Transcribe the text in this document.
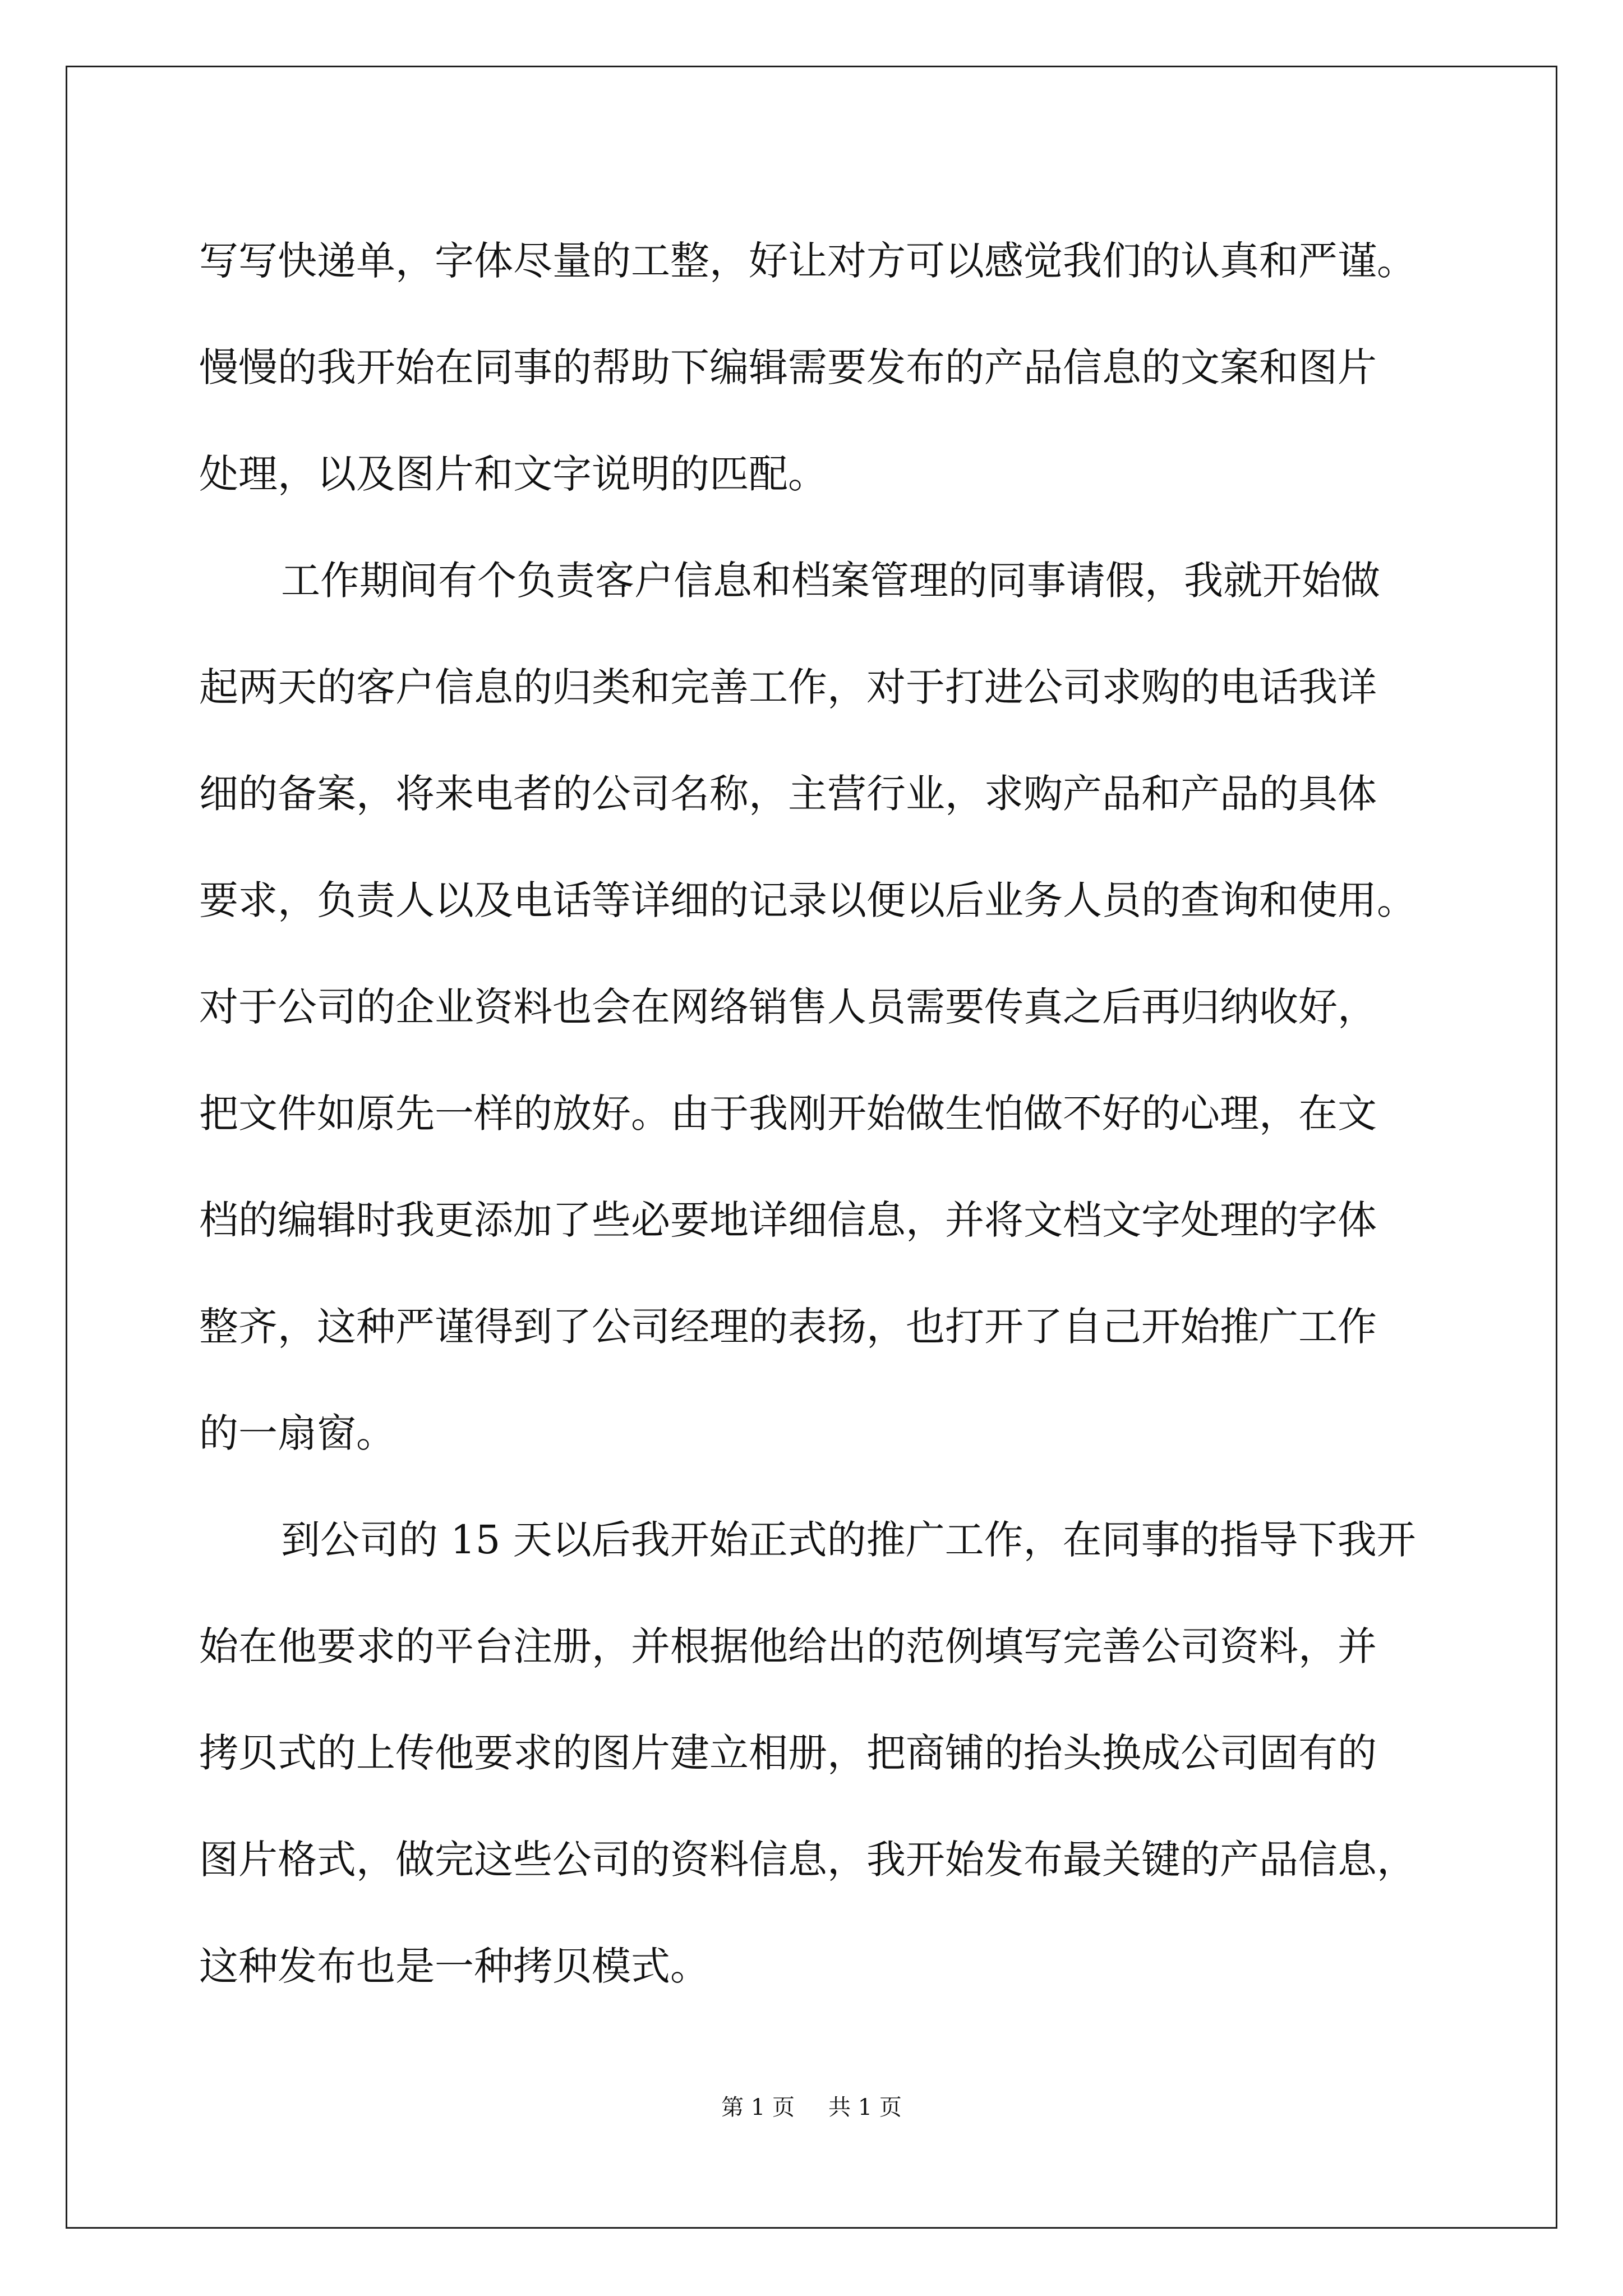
写写快递单，字体尽量的工整，好让对方可以感觉我们的认真和严谨。
慢慢的我开始在同事的帮助下编辑需要发布的产品信息的文案和图片
处理，以及图片和文字说明的匹配。
工作期间有个负责客户信息和档案管理的同事请假，我就开始做
起两天的客户信息的归类和完善工作，对于打进公司求购的电话我详
细的备案，将来电者的公司名称，主营行业，求购产品和产品的具体
要求，负责人以及电话等详细的记录以便以后业务人员的查询和使用。
对于公司的企业资料也会在网络销售人员需要传真之后再归纳收好，
把文件如原先一样的放好。由于我刚开始做生怕做不好的心理，在文
档的编辑时我更添加了些必要地详细信息，并将文档文字处理的字体
整齐，这种严谨得到了公司经理的表扬，也打开了自己开始推广工作
的一扇窗。
到公司的 15 天以后我开始正式的推广工作，在同事的指导下我开
始在他要求的平台注册，并根据他给出的范例填写完善公司资料，并
拷贝式的上传他要求的图片建立相册，把商铺的抬头换成公司固有的
图片格式，做完这些公司的资料信息，我开始发布最关键的产品信息，
这种发布也是一种拷贝模式。
第 1 页 共 1 页
